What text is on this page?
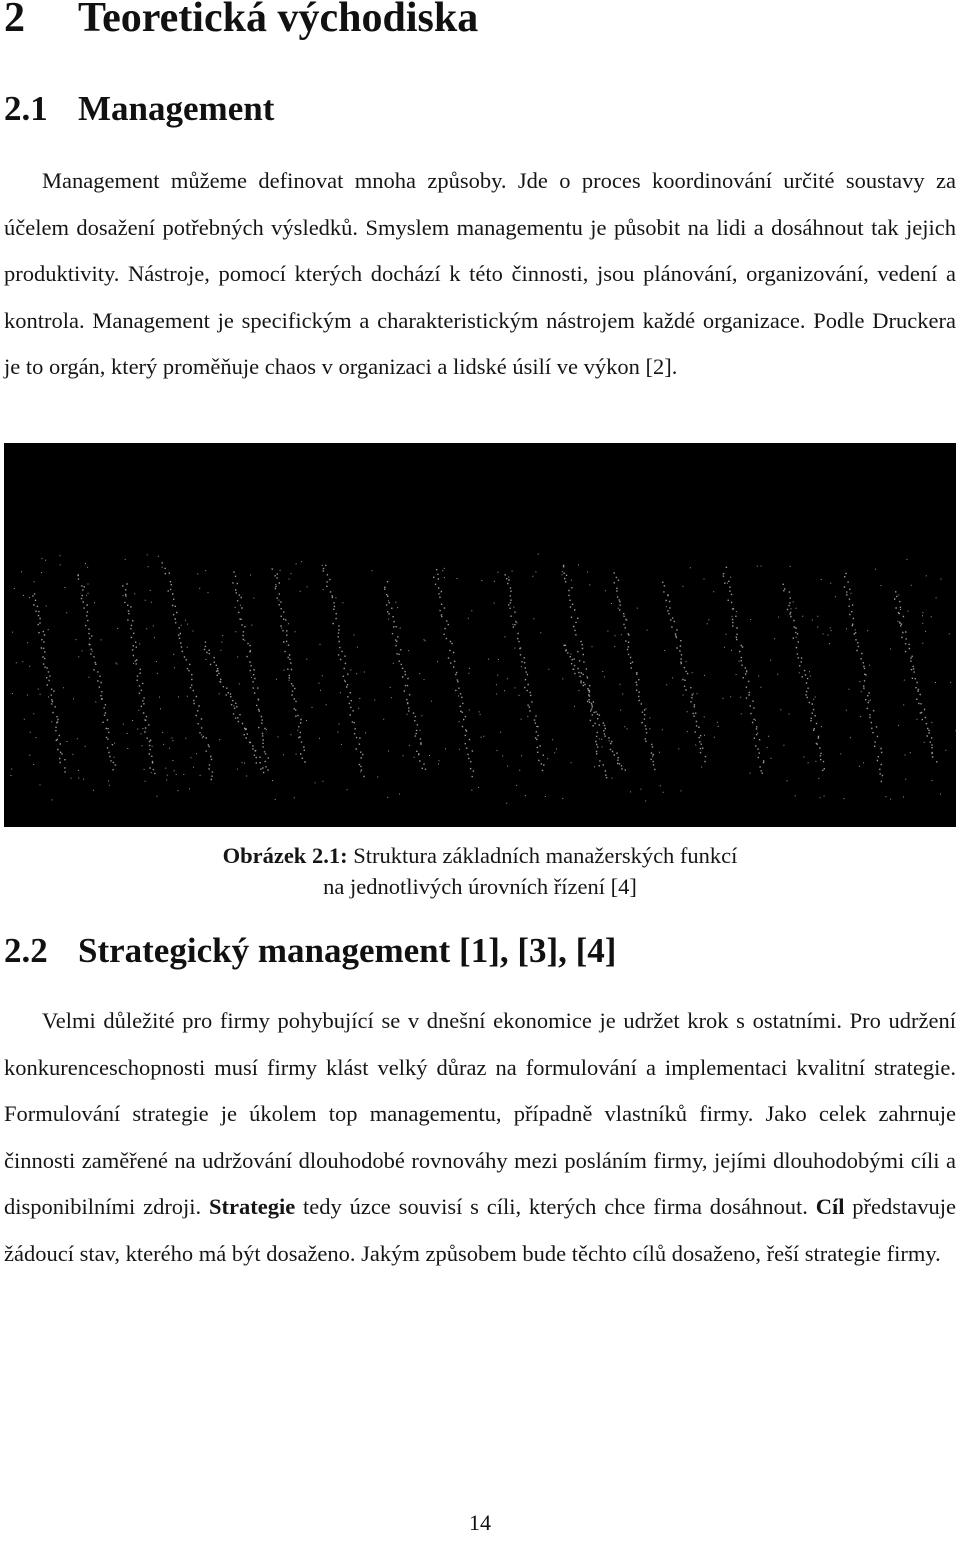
2 Teoretická východiska
2.1 Management

Management můžeme definovat mnoha způsoby. Jde o proces koordinování určité soustavy za účelem dosažení potřebných výsledků. Smyslem managementu je působit na lidi a dosáhnout tak jejich produktivity. Nástroje, pomocí kterých dochází k této činnosti, jsou plánování, organizování, vedení a kontrola. Management je specifickým a charakteristickým nástrojem každé organizace. Podle Druckera je to orgán, který proměňuje chaos v organizaci a lidské úsilí ve výkon [2].

Obrázek 2.1: Struktura základních manažerských funkcí
na jednotlivých úrovních řízení [4]

2.2 Strategický management [1], [3], [4]

Velmi důležité pro firmy pohybující se v dnešní ekonomice je udržet krok s ostatními. Pro udržení konkurenceschopnosti musí firmy klást velký důraz na formulování a implementaci kvalitní strategie. Formulování strategie je úkolem top managementu, případně vlastníků firmy. Jako celek zahrnuje činnosti zaměřené na udržování dlouhodobé rovnováhy mezi posláním firmy, jejími dlouhodobými cíli a disponibilními zdroji. Strategie tedy úzce souvisí s cíli, kterých chce firma dosáhnout. Cíl představuje žádoucí stav, kterého má být dosaženo. Jakým způsobem bude těchto cílů dosaženo, řeší strategie firmy.

14
